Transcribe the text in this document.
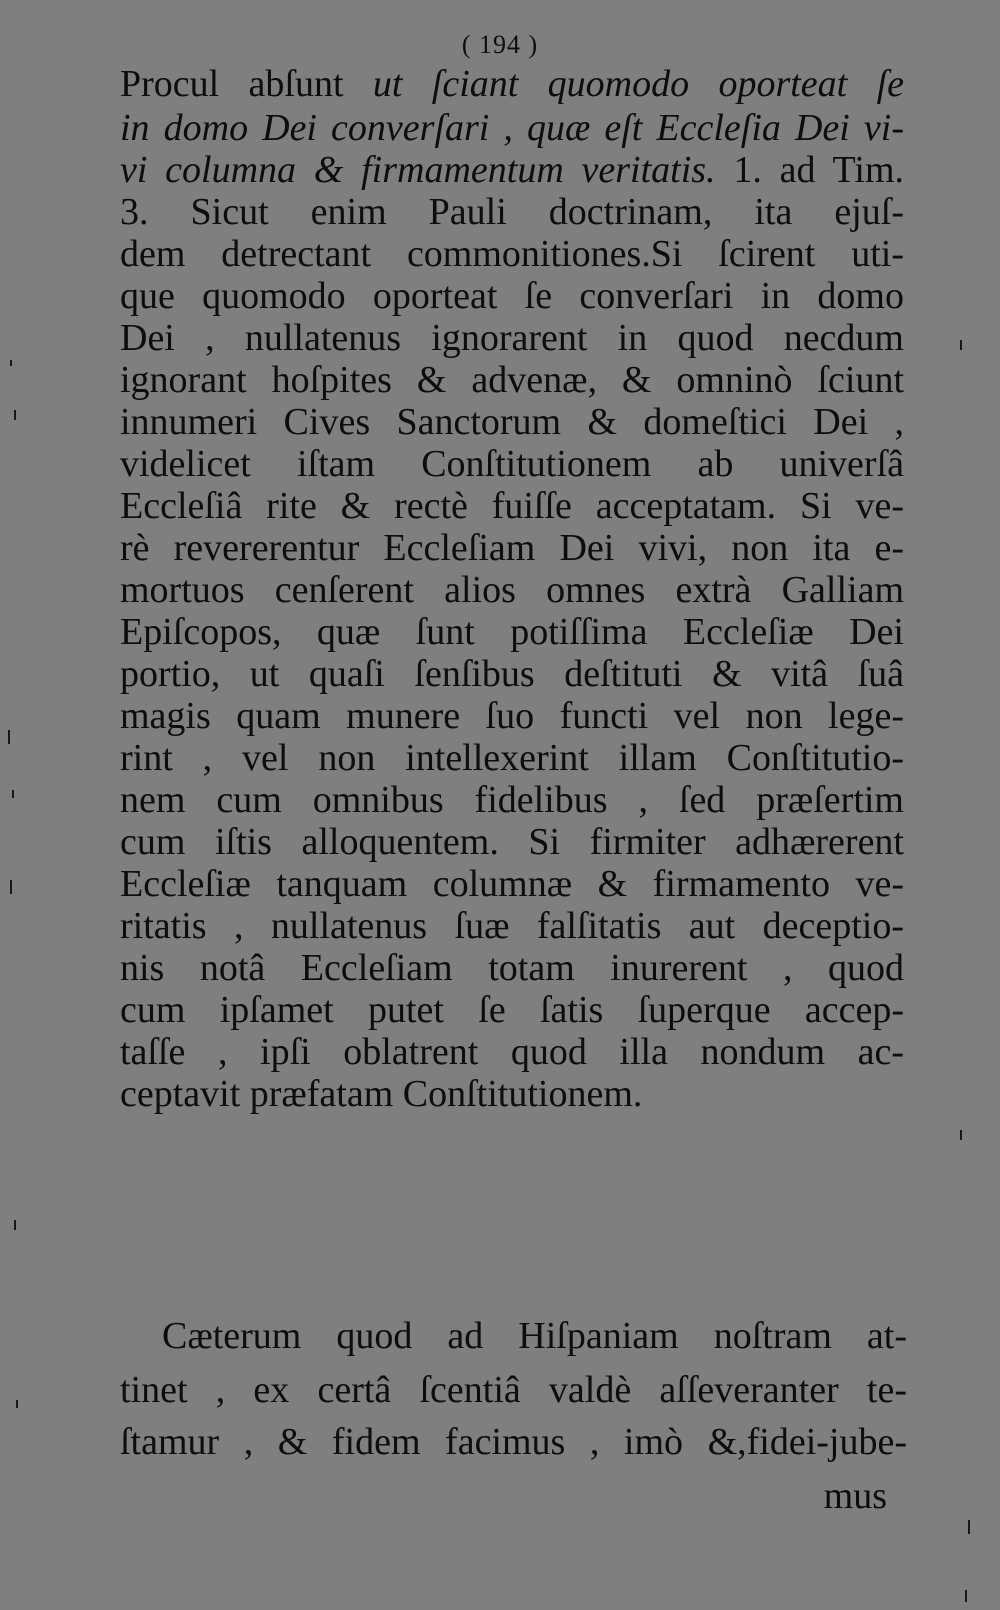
( 194 )
Procul abſunt ut ſciant quomodo oporteat ſe
in domo Dei converſari , quæ eſt Eccleſia Dei vi-
vi columna & firmamentum veritatis. 1. ad Tim.
3. Sicut enim Pauli doctrinam, ita ejuſ-
dem detrectant commonitiones.Si ſcirent uti-
que quomodo oporteat ſe converſari in domo
Dei , nullatenus ignorarent in quod necdum
ignorant hoſpites & advenæ, & omninò ſciunt
innumeri Cives Sanctorum & domeſtici Dei ,
videlicet iſtam Conſtitutionem ab univerſâ
Eccleſiâ rite & rectè fuiſſe acceptatam. Si ve-
rè revererentur Eccleſiam Dei vivi, non ita e-
mortuos cenſerent alios omnes extrà Galliam
Epiſcopos, quæ ſunt potiſſima Eccleſiæ Dei
portio, ut quaſi ſenſibus deſtituti & vitâ ſuâ
magis quam munere ſuo functi vel non lege-
rint , vel non intellexerint illam Conſtitutio-
nem cum omnibus fidelibus , ſed præſertim
cum iſtis alloquentem. Si firmiter adhærerent
Eccleſiæ tanquam columnæ & firmamento ve-
ritatis , nullatenus ſuæ falſitatis aut deceptio-
nis notâ Eccleſiam totam inurerent , quod
cum ipſamet putet ſe ſatis ſuperque accep-
taſſe , ipſi oblatrent quod illa nondum ac-
ceptavit præfatam Conſtitutionem.
Cæterum quod ad Hiſpaniam noſtram at-
tinet , ex certâ ſcentiâ valdè aſſeveranter te-
ſtamur , & fidem facimus , imò &,fidei-jube-
mus
